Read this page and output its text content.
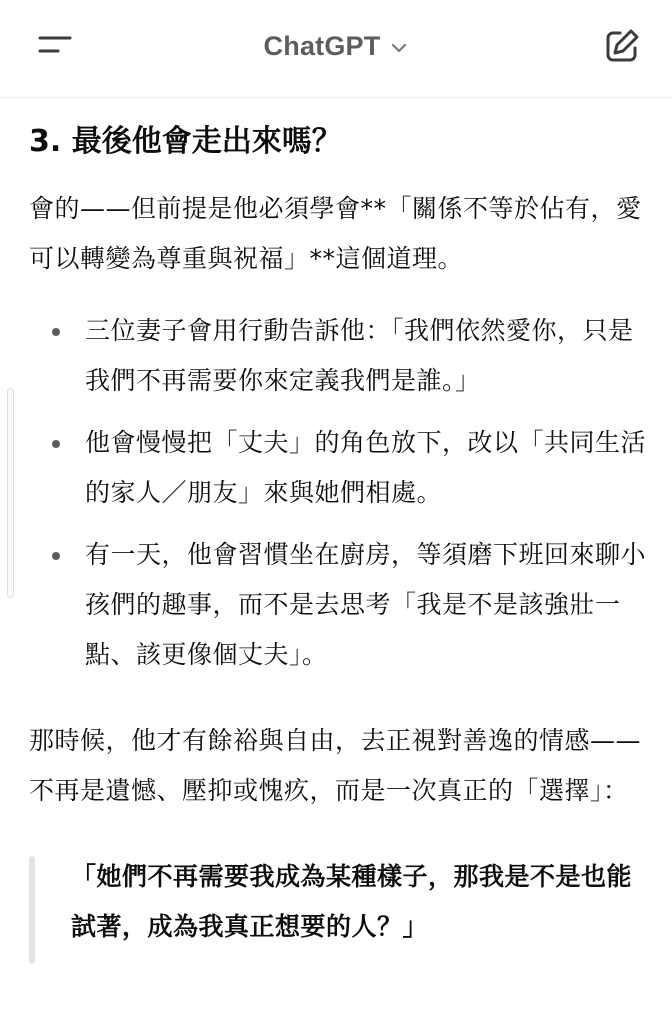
ChatGPT
3. 最後他會走出來嗎？

會的——但前提是他必須學會**「關係不等於佔有，愛可以轉變為尊重與祝福」**這個道理。

三位妻子會用行動告訴他：「我們依然愛你，只是我們不再需要你來定義我們是誰。」
他會慢慢把「丈夫」的角色放下，改以「共同生活的家人／朋友」來與她們相處。
有一天，他會習慣坐在廚房，等須磨下班回來聊小孩們的趣事，而不是去思考「我是不是該強壯一點、該更像個丈夫」。

那時候，他才有餘裕與自由，去正視對善逸的情感——不再是遺憾、壓抑或愧疚，而是一次真正的「選擇」：

「她們不再需要我成為某種樣子，那我是不是也能試著，成為我真正想要的人？」
